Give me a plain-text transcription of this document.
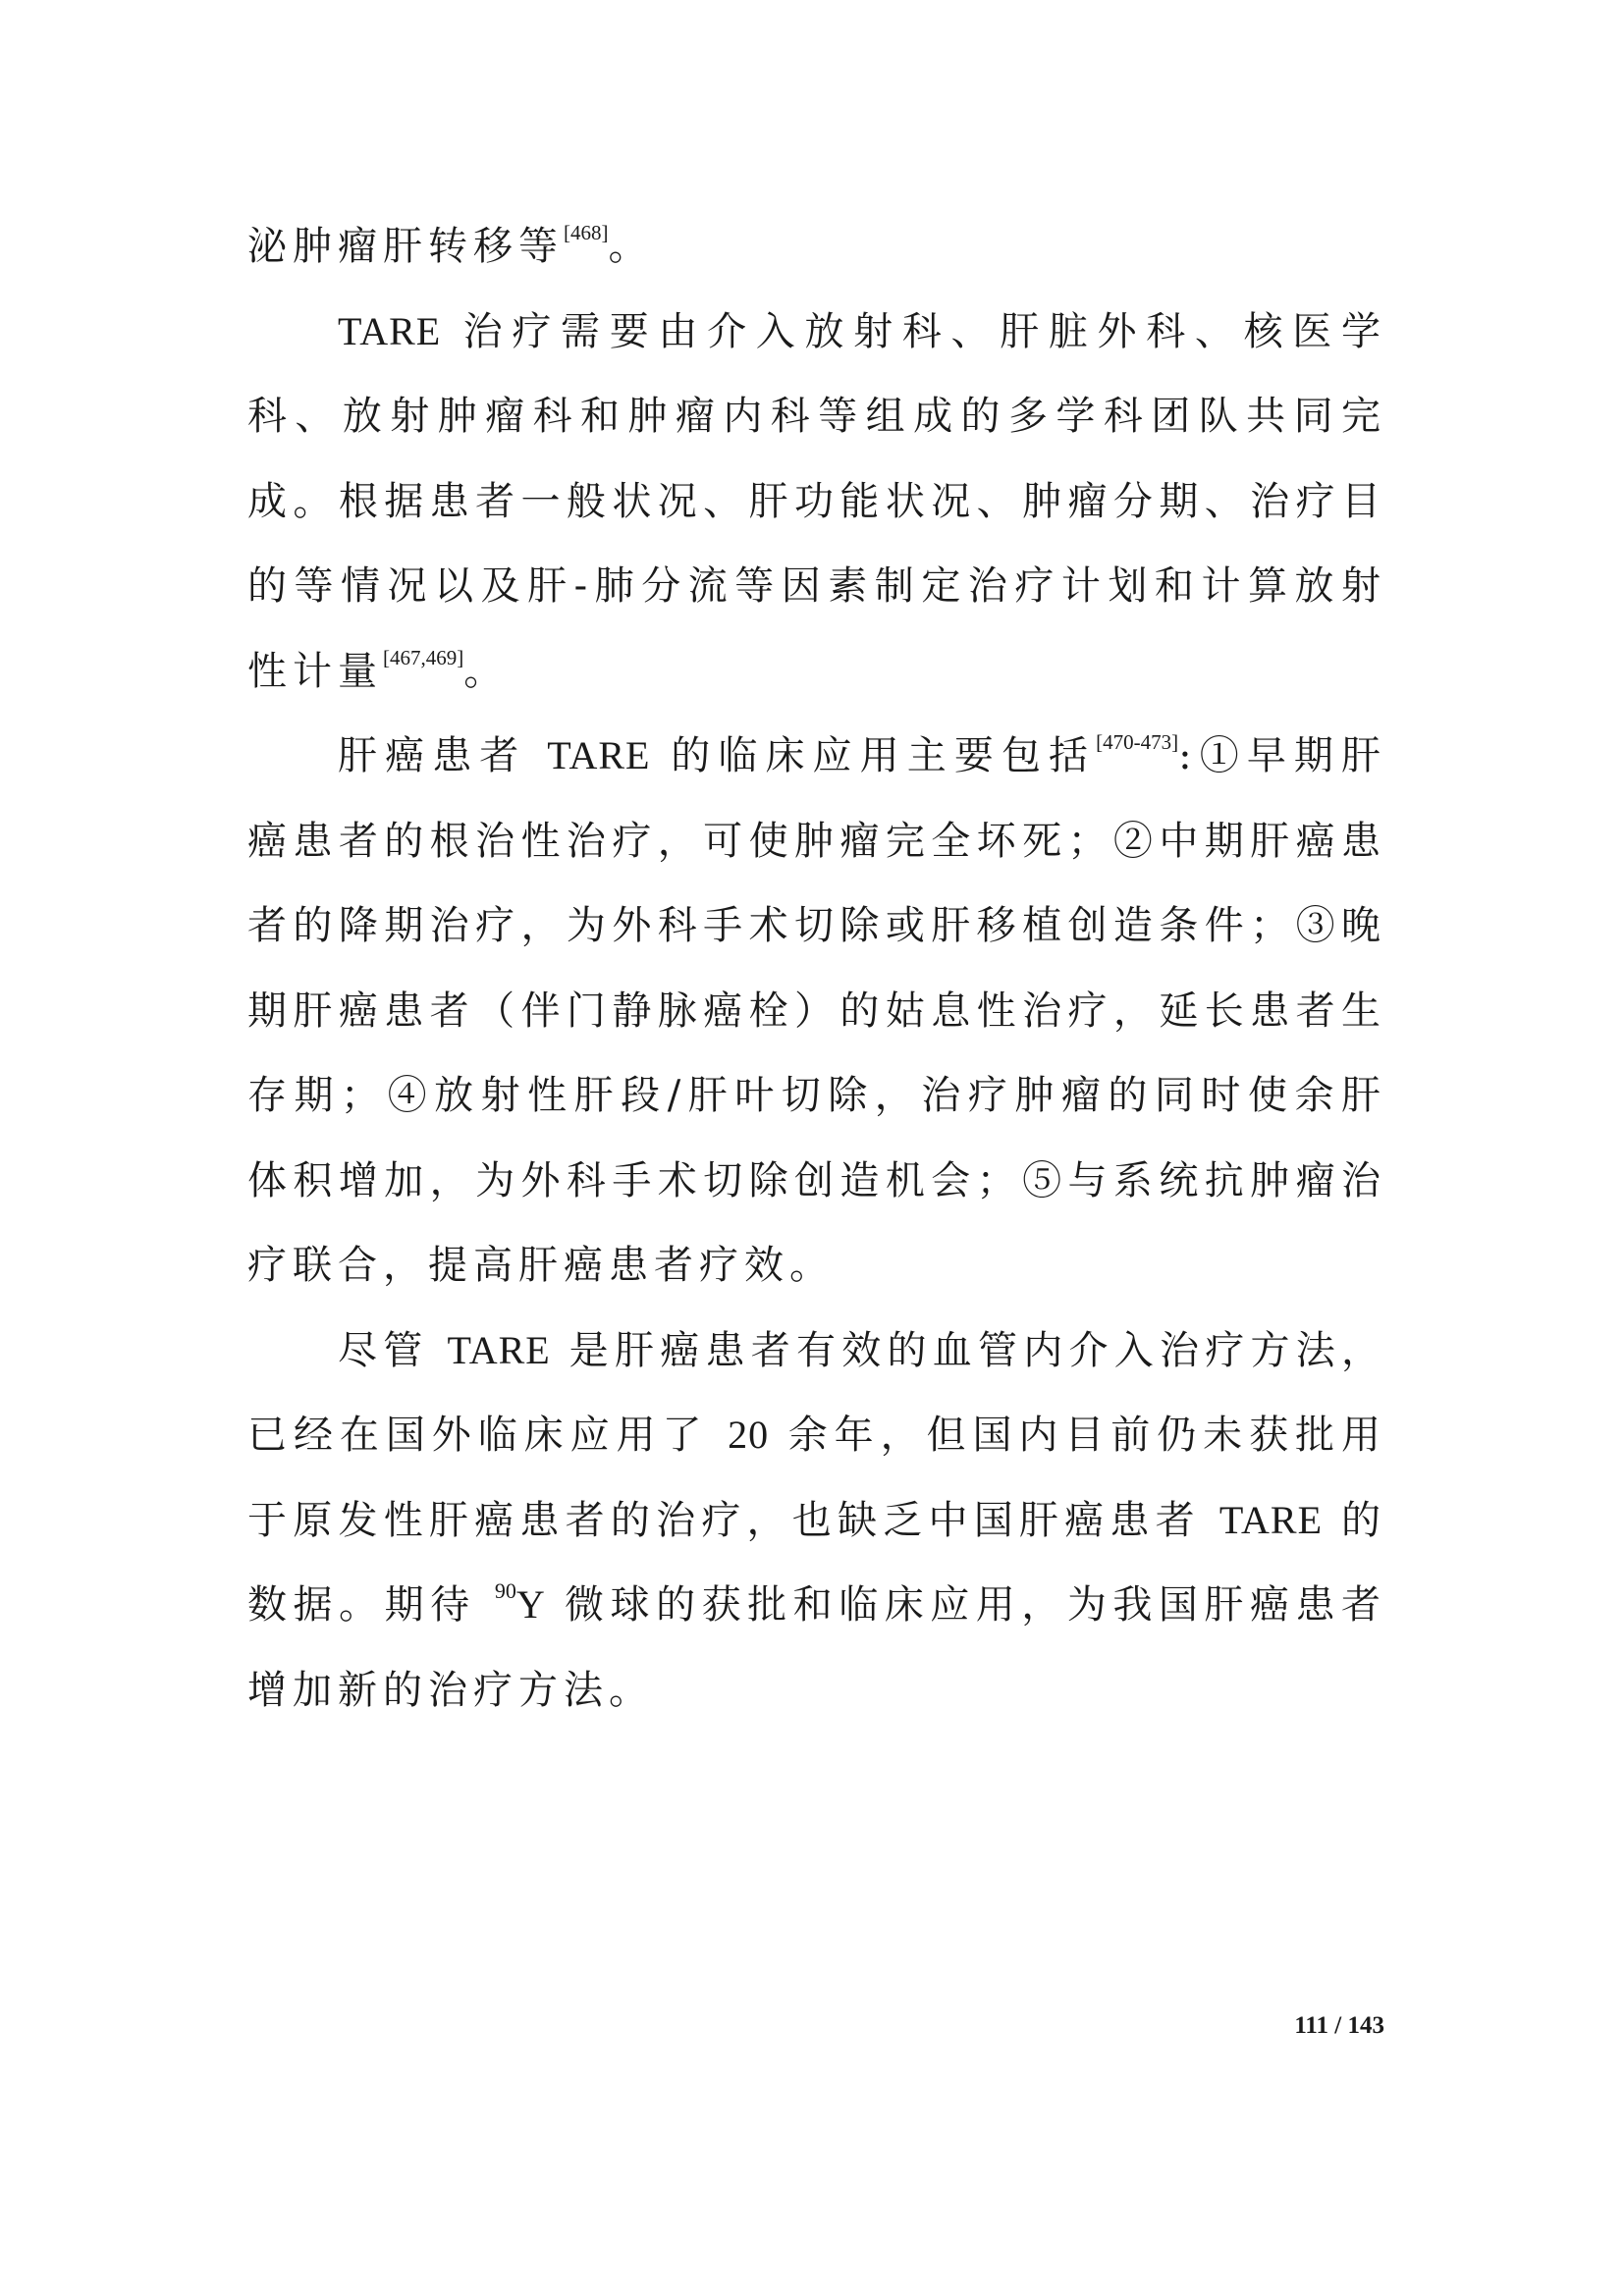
泌肿瘤肝转移等[468]。

TARE 治疗需要由介入放射科、肝脏外科、核医学科、放射肿瘤科和肿瘤内科等组成的多学科团队共同完成。根据患者一般状况、肝功能状况、肿瘤分期、治疗目的等情况以及肝-肺分流等因素制定治疗计划和计算放射性计量[467,469]。

肝癌患者 TARE 的临床应用主要包括[470-473]:①早期肝癌患者的根治性治疗，可使肿瘤完全坏死；②中期肝癌患者的降期治疗，为外科手术切除或肝移植创造条件；③晚期肝癌患者（伴门静脉癌栓）的姑息性治疗，延长患者生存期；④放射性肝段/肝叶切除，治疗肿瘤的同时使余肝体积增加，为外科手术切除创造机会；⑤与系统抗肿瘤治疗联合，提高肝癌患者疗效。

尽管 TARE 是肝癌患者有效的血管内介入治疗方法，已经在国外临床应用了 20 余年，但国内目前仍未获批用于原发性肝癌患者的治疗，也缺乏中国肝癌患者 TARE 的数据。期待 $^{90}$Y 微球的获批和临床应用，为我国肝癌患者增加新的治疗方法。

111 / 143
